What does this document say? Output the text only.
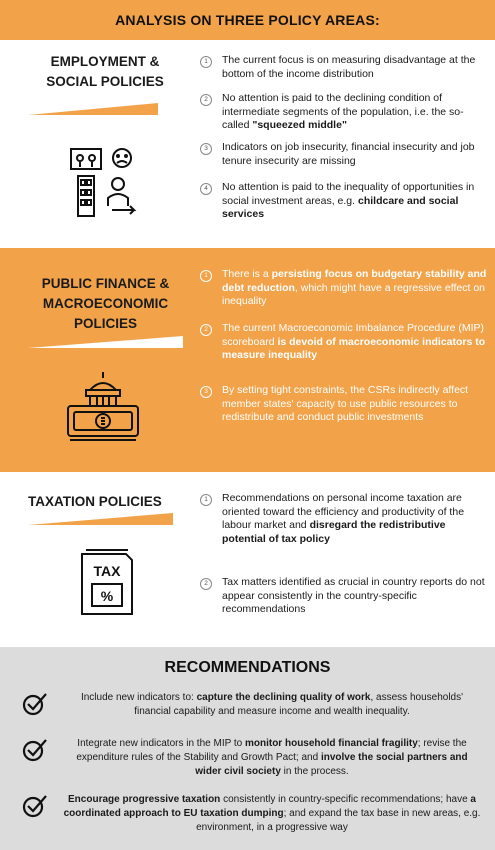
ANALYSIS ON THREE POLICY AREAS:
EMPLOYMENT & SOCIAL POLICIES
1	The current focus is on measuring disadvantage at the bottom of the income distribution
2	No attention is paid to the declining condition of intermediate segments of the population, i.e. the so-called "squeezed middle"
3	Indicators on job insecurity, financial insecurity and job tenure insecurity are missing
4	No attention is paid to the inequality of opportunities in social investment areas, e.g. childcare and social services
PUBLIC FINANCE & MACROECONOMIC POLICIES
1	There is a persisting focus on budgetary stability and debt reduction, which might have a regressive effect on inequality
2	The current Macroeconomic Imbalance Procedure (MIP) scoreboard is devoid of macroeconomic indicators to measure inequality
3	By setting tight constraints, the CSRs indirectly affect member states' capacity to use public resources to redistribute and conduct public investments
TAXATION POLICIES
TAX
%
1	Recommendations on personal income taxation are oriented toward the efficiency and productivity of the labour market and disregard the redistributive potential of tax policy
2	Tax matters identified as crucial in country reports do not appear consistently in the country-specific recommendations
RECOMMENDATIONS
Include new indicators to: capture the declining quality of work, assess households' financial capability and measure income and wealth inequality.
Integrate new indicators in the MIP to monitor household financial fragility; revise the expenditure rules of the Stability and Growth Pact; and involve the social partners and wider civil society in the process.
Encourage progressive taxation consistently in country-specific recommendations; have a coordinated approach to EU taxation dumping; and expand the tax base in new areas, e.g. environment, in a progressive way
